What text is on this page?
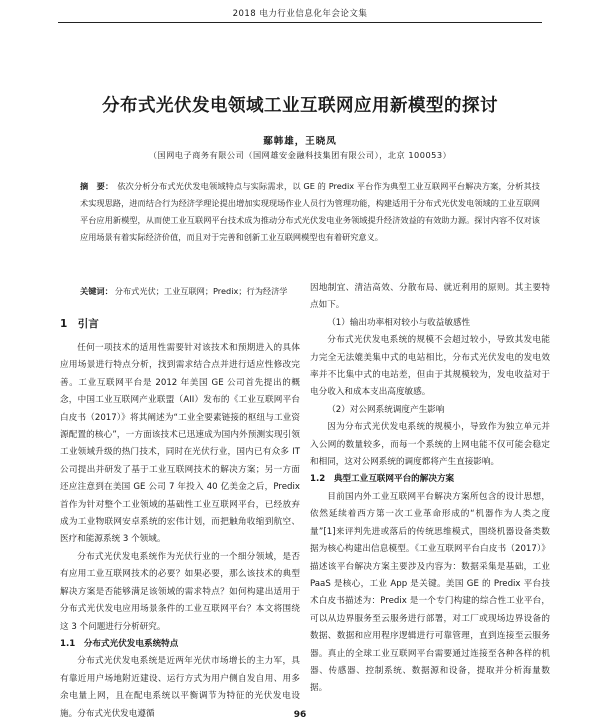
2018 电力行业信息化年会论文集
分布式光伏发电领域工业互联网应用新模型的探讨
鄢韩雄，王晓凤
（国网电子商务有限公司（国网雄安金融科技集团有限公司），北京 100053）
摘　要： 依次分析分布式光伏发电领域特点与实际需求，以 GE 的 Predix 平台作为典型工业互联网平台解决方案，分析其技术实现思路，进而结合行为经济学理论提出增加实现现场作业人员行为管理功能，构建适用于分布式光伏发电领域的工业互联网平台应用新模型，从而使工业互联网平台技术成为推动分布式光伏发电业务领域提升经济效益的有效助力源。探讨内容不仅对该应用场景有着实际经济价值，而且对于完善和创新工业互联网模型也有着研究意义。
关键词： 分布式光伏；工业互联网；Predix；行为经济学
1　引言

任何一项技术的适用性需要针对该技术和预期进入的具体应用场景进行特点分析，找到需求结合点并进行适应性修改完善。工业互联网平台是 2012 年美国 GE 公司首先提出的概念，中国工业互联网产业联盟（AII）发布的《工业互联网平台白皮书（2017）》将其阐述为“工业全要素链接的枢纽与工业资源配置的核心”，一方面该技术已迅速成为国内外预测实现引领工业领域升级的热门技术，同时在光伏行业，国内已有众多 IT 公司提出并研发了基于工业互联网技术的解决方案；另一方面还应注意到在美国 GE 公司 7 年投入 40 亿美金之后，Predix 首作为针对整个工业领域的基础性工业互联网平台，已经放弃成为工业物联网安卓系统的宏伟计划，而把触角收缩到航空、医疗和能源系统 3 个领域。

分布式光伏发电系统作为光伏行业的一个细分领域，是否有应用工业互联网技术的必要？如果必要，那么该技术的典型解决方案是否能够满足该领域的需求特点？如何构建出适用于分布式光伏发电应用场景条件的工业互联网平台？本文将围绕这 3 个问题进行分析研究。

1.1　分布式光伏发电系统特点

分布式光伏发电系统是近两年光伏市场增长的主力军，具有靠近用户场地附近建设、运行方式为用户侧自发自用、用多余电量上网，且在配电系统以平衡调节为特征的光伏发电设施。分布式光伏发电遵循

因地制宜、清洁高效、分散布局、就近利用的原则。其主要特点如下。

（1）输出功率相对较小与收益敏感性

分布式光伏发电系统的规模不会超过较小，导致其发电能力完全无法媲美集中式的电站相比，分布式光伏发电的发电效率并不比集中式的电站差，但由于其规模较为，发电收益对于电分收入和成本支出高度敏感。

（2）对公网系统调度产生影响

因为分布式光伏发电系统的规模小，导致作为独立单元并入公网的数量较多，而每一个系统的上网电能不仅可能会稳定和相同，这对公网系统的调度都将产生直接影响。

1.2　典型工业互联网平台的解决方案

目前国内外工业互联网平台解决方案所包含的设计思想，依然延续着西方第一次工业革命形成的“机器作为人类之度量”[1]来评判先进或落后的传统思维模式，围绕机器设备类数据为核心构建出信息模型。《工业互联网平台白皮书（2017）》描述该平台解决方案主要涉及内容为：数据采集是基础，工业 PaaS 是核心，工业 App 是关键。美国 GE 的 Predix 平台技术白皮书描述为：Predix 是一个专门构建的综合性工业平台，可以从边界服务至云服务进行部署，对工厂或现场边界设备的数据、数据和应用程序逻辑进行可靠管理，直到连接至云服务器。真止的全球工业互联网平台需要通过连接至各种各样的机器、传感器、控制系统、数据源和设备，提取并分析海量数据。

96
